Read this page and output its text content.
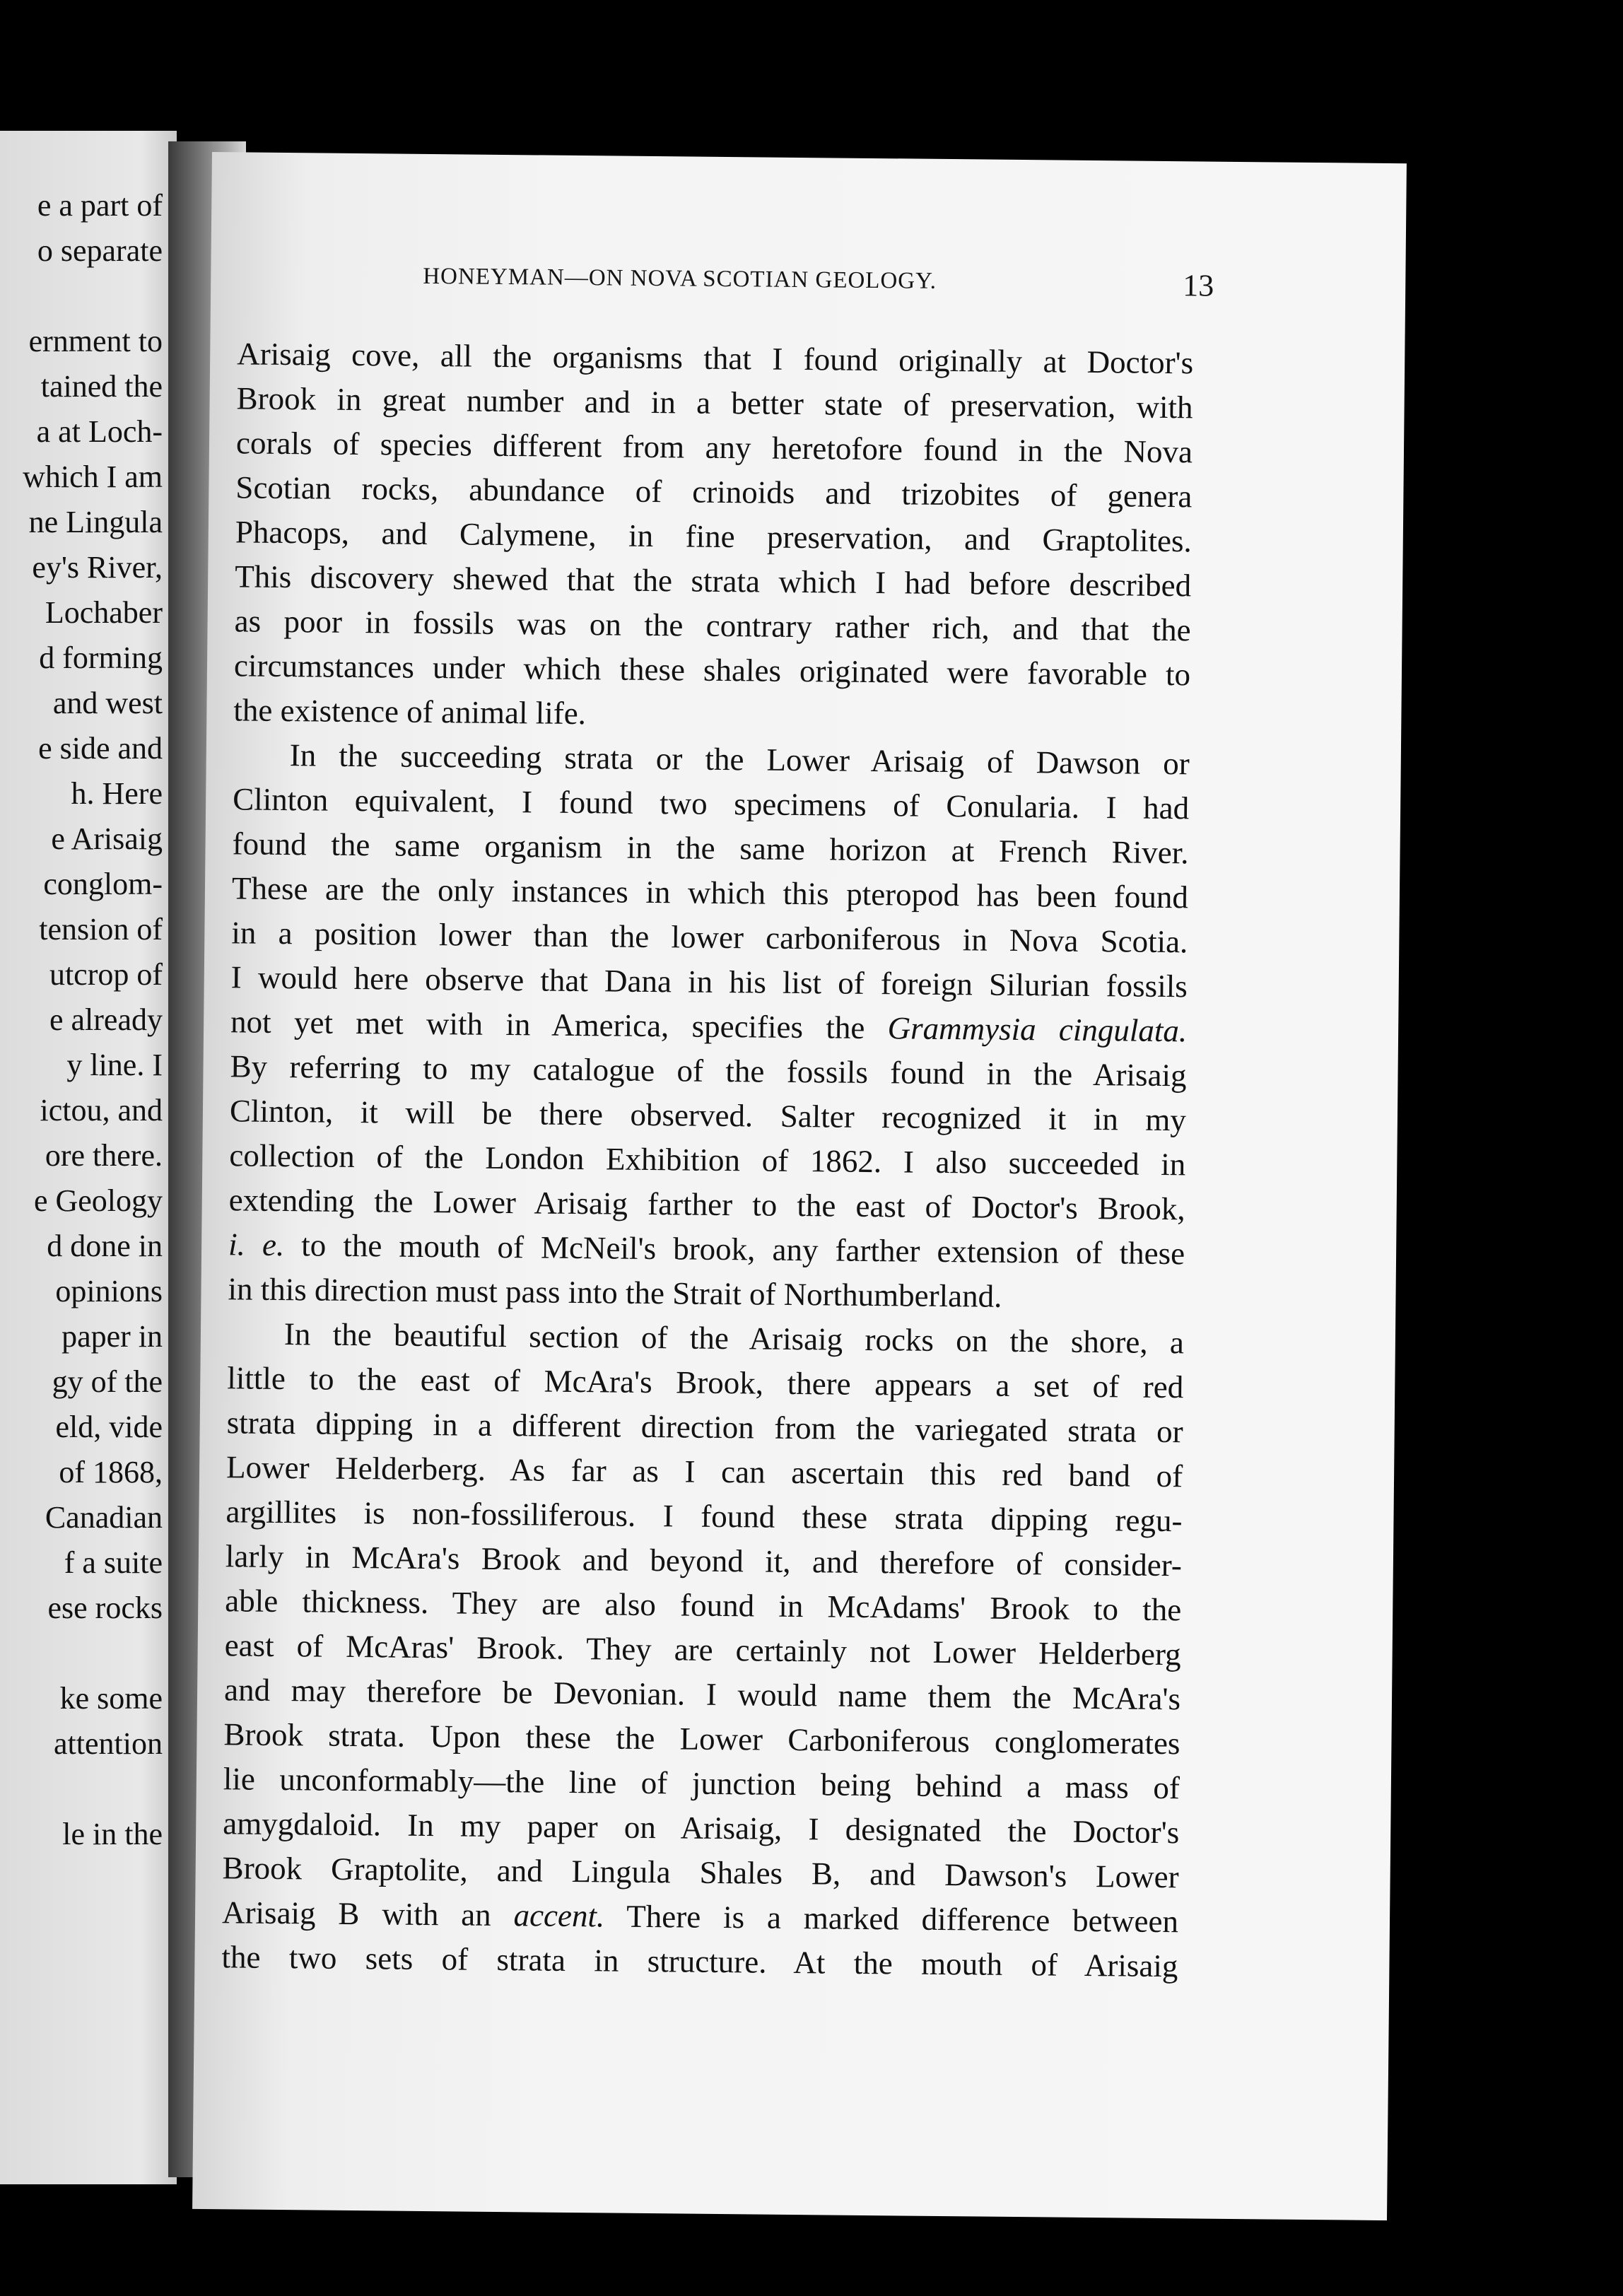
e a part of
o separate
ernment to
tained the
a at Loch-
which I am
ne Lingula
ey's River,
Lochaber
d forming
and west
e side and
h. Here
e Arisaig
conglom-
tension of
utcrop of
e already
y line. I
ictou, and
ore there.
e Geology
d done in
opinions
paper in
gy of the
eld, vide
of 1868,
Canadian
f a suite
ese rocks
ke some
attention
le in the
HONEYMAN—ON NOVA SCOTIAN GEOLOGY.	13
Arisaig cove, all the organisms that I found originally at Doctor's
Brook in great number and in a better state of preservation, with
corals of species different from any heretofore found in the Nova
Scotian rocks, abundance of crinoids and trizobites of genera
Phacops, and Calymene, in fine preservation, and Graptolites.
This discovery shewed that the strata which I had before described
as poor in fossils was on the contrary rather rich, and that the
circumstances under which these shales originated were favorable to
the existence of animal life.
In the succeeding strata or the Lower Arisaig of Dawson or
Clinton equivalent, I found two specimens of Conularia. I had
found the same organism in the same horizon at French River.
These are the only instances in which this pteropod has been found
in a position lower than the lower carboniferous in Nova Scotia.
I would here observe that Dana in his list of foreign Silurian fossils
not yet met with in America, specifies the Grammysia cingulata.
By referring to my catalogue of the fossils found in the Arisaig
Clinton, it will be there observed. Salter recognized it in my
collection of the London Exhibition of 1862. I also succeeded in
extending the Lower Arisaig farther to the east of Doctor's Brook,
i. e. to the mouth of McNeil's brook, any farther extension of these
in this direction must pass into the Strait of Northumberland.
In the beautiful section of the Arisaig rocks on the shore, a
little to the east of McAra's Brook, there appears a set of red
strata dipping in a different direction from the variegated strata or
Lower Helderberg. As far as I can ascertain this red band of
argillites is non-fossiliferous. I found these strata dipping regu-
larly in McAra's Brook and beyond it, and therefore of consider-
able thickness. They are also found in McAdams' Brook to the
east of McAras' Brook. They are certainly not Lower Helderberg
and may therefore be Devonian. I would name them the McAra's
Brook strata. Upon these the Lower Carboniferous conglomerates
lie unconformably—the line of junction being behind a mass of
amygdaloid. In my paper on Arisaig, I designated the Doctor's
Brook Graptolite, and Lingula Shales B, and Dawson's Lower
Arisaig B with an accent. There is a marked difference between
the two sets of strata in structure. At the mouth of Arisaig
